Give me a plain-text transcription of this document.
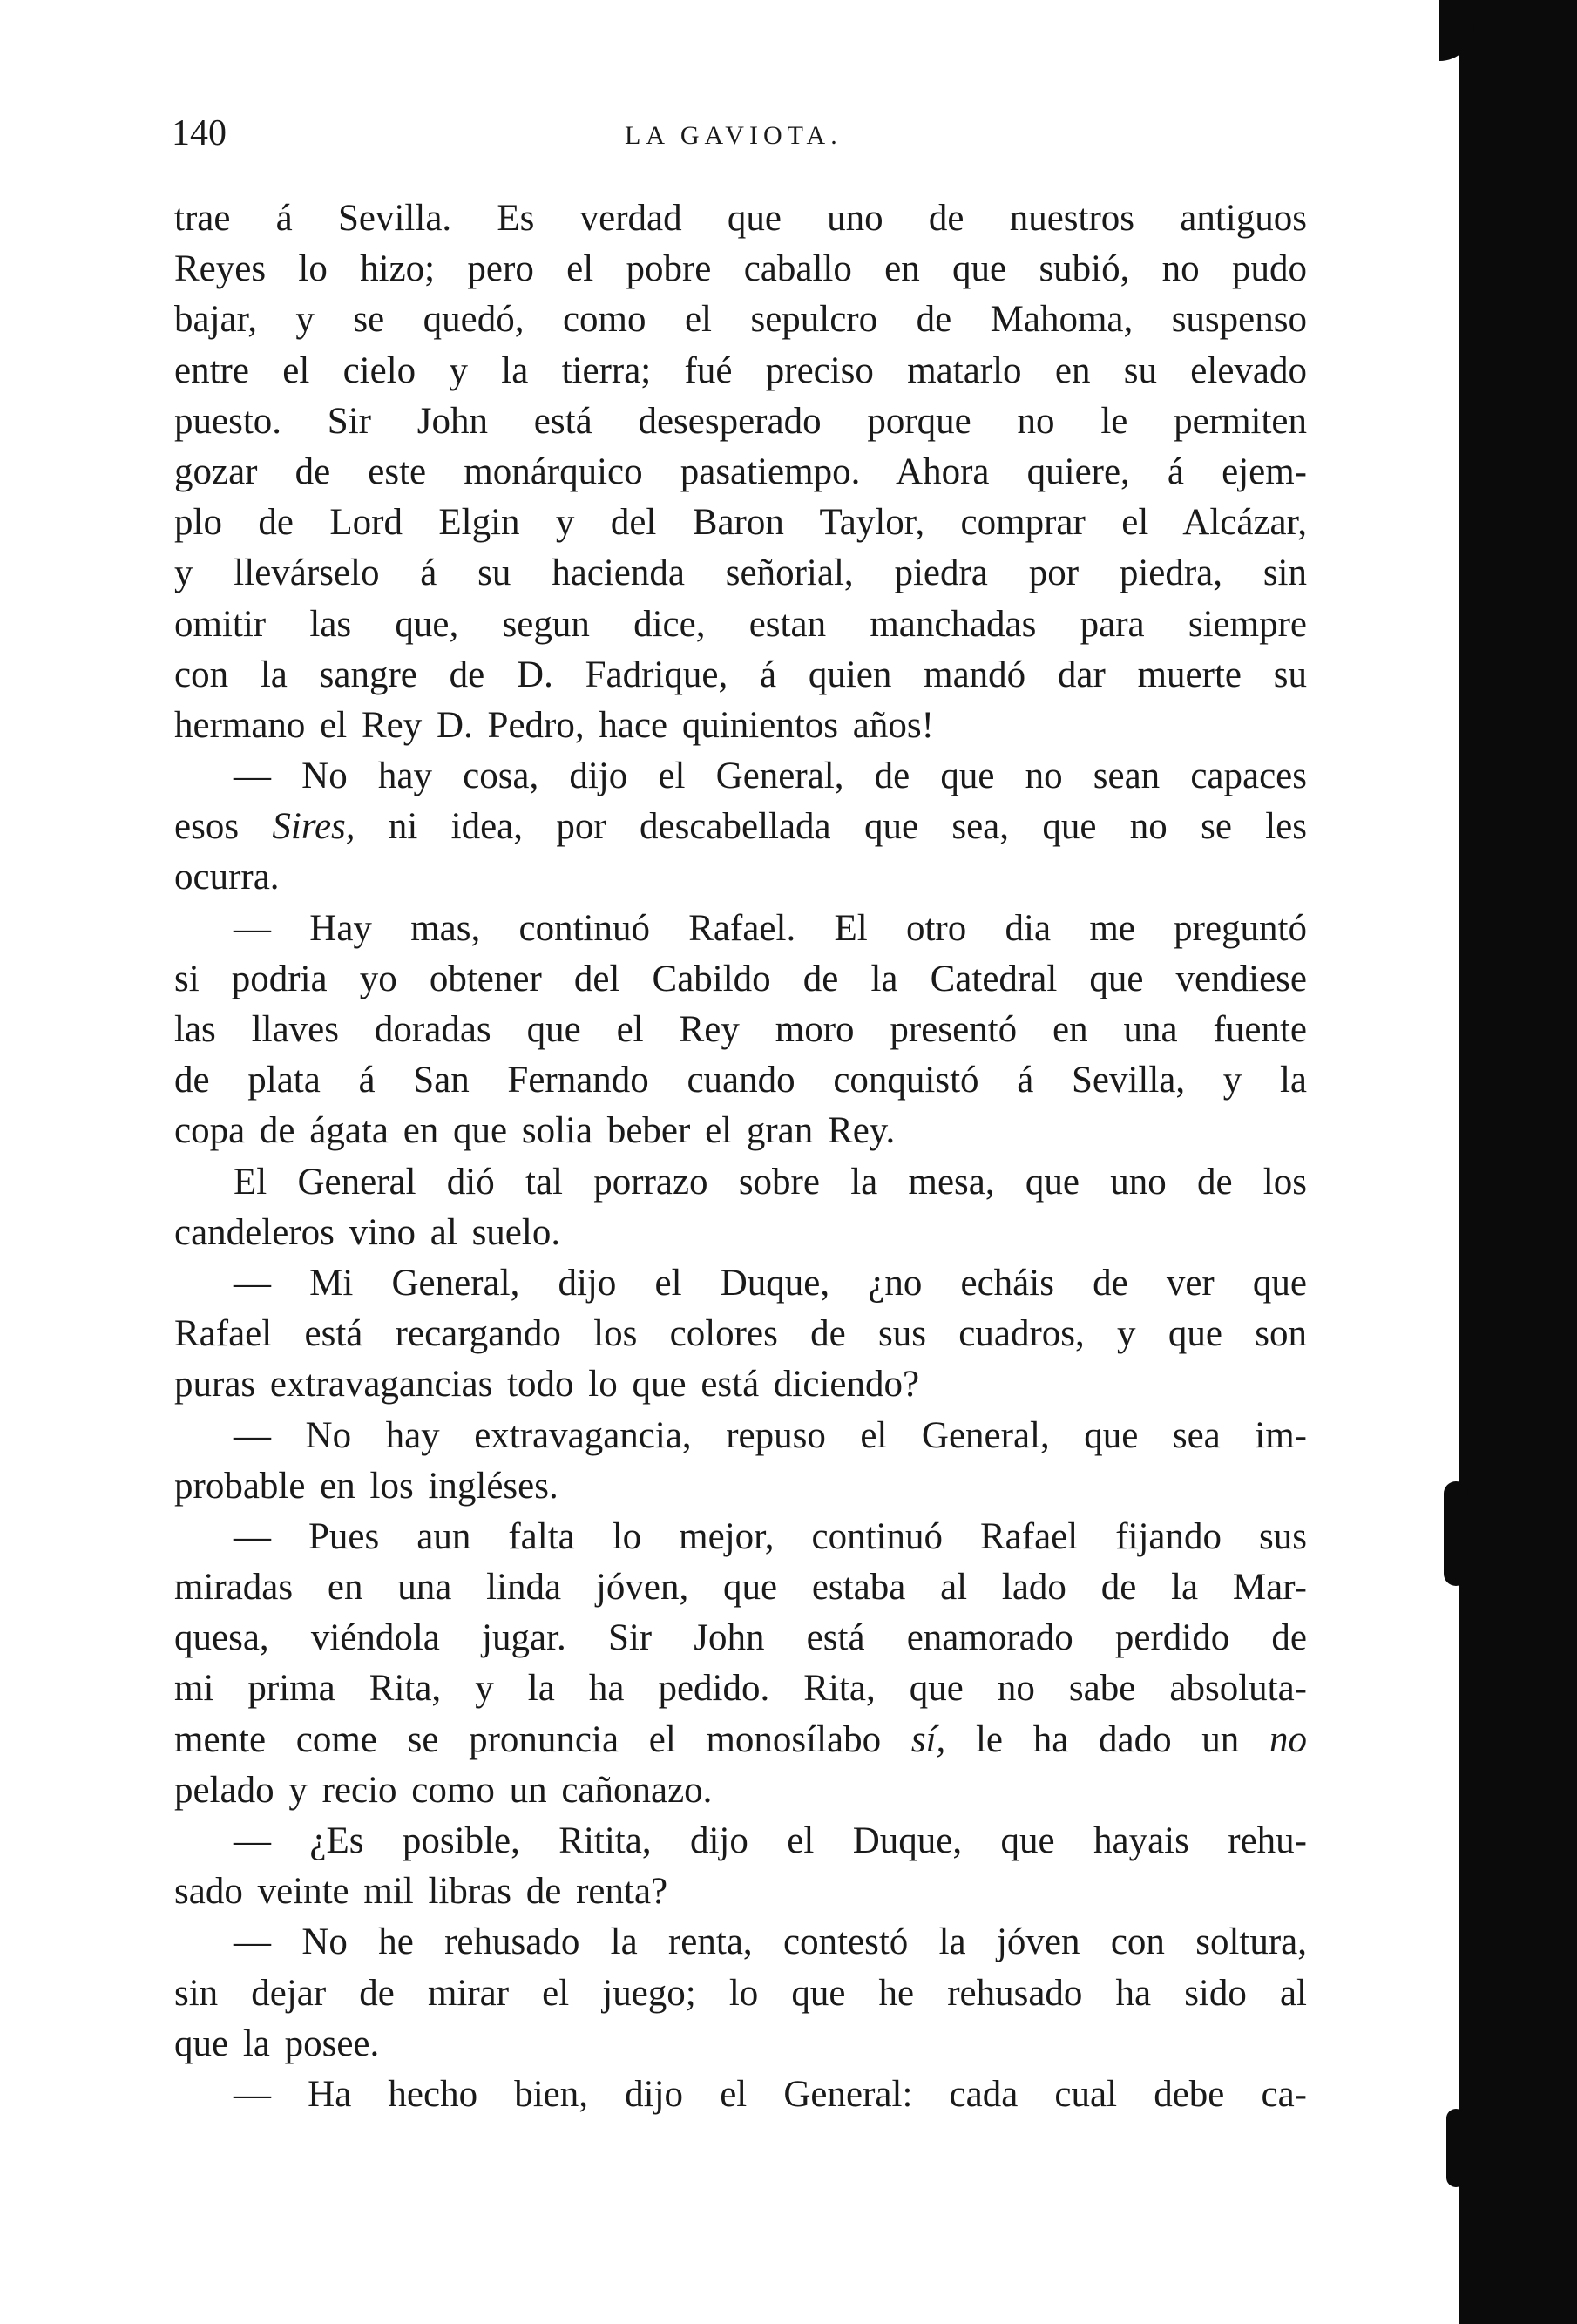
140	LA GAVIOTA.
trae á Sevilla. Es verdad que uno de nuestros antiguos
Reyes lo hizo; pero el pobre caballo en que subió, no pudo
bajar, y se quedó, como el sepulcro de Mahoma, suspenso
entre el cielo y la tierra; fué preciso matarlo en su elevado
puesto. Sir John está desesperado porque no le permiten
gozar de este monárquico pasatiempo. Ahora quiere, á ejem-
plo de Lord Elgin y del Baron Taylor, comprar el Alcázar,
y llevárselo á su hacienda señorial, piedra por piedra, sin
omitir las que, segun dice, estan manchadas para siempre
con la sangre de D. Fadrique, á quien mandó dar muerte su
hermano el Rey D. Pedro, hace quinientos años!
— No hay cosa, dijo el General, de que no sean capaces
esos Sires, ni idea, por descabellada que sea, que no se les
ocurra.
— Hay mas, continuó Rafael. El otro dia me preguntó
si podria yo obtener del Cabildo de la Catedral que vendiese
las llaves doradas que el Rey moro presentó en una fuente
de plata á San Fernando cuando conquistó á Sevilla, y la
copa de ágata en que solia beber el gran Rey.
El General dió tal porrazo sobre la mesa, que uno de los
candeleros vino al suelo.
— Mi General, dijo el Duque, ¿no echáis de ver que
Rafael está recargando los colores de sus cuadros, y que son
puras extravagancias todo lo que está diciendo?
— No hay extravagancia, repuso el General, que sea im-
probable en los ingléses.
— Pues aun falta lo mejor, continuó Rafael fijando sus
miradas en una linda jóven, que estaba al lado de la Mar-
quesa, viéndola jugar. Sir John está enamorado perdido de
mi prima Rita, y la ha pedido. Rita, que no sabe absoluta-
mente come se pronuncia el monosílabo sí, le ha dado un no
pelado y recio como un cañonazo.
— ¿Es posible, Ritita, dijo el Duque, que hayais rehu-
sado veinte mil libras de renta?
— No he rehusado la renta, contestó la jóven con soltura,
sin dejar de mirar el juego; lo que he rehusado ha sido al
que la posee.
— Ha hecho bien, dijo el General: cada cual debe ca-
